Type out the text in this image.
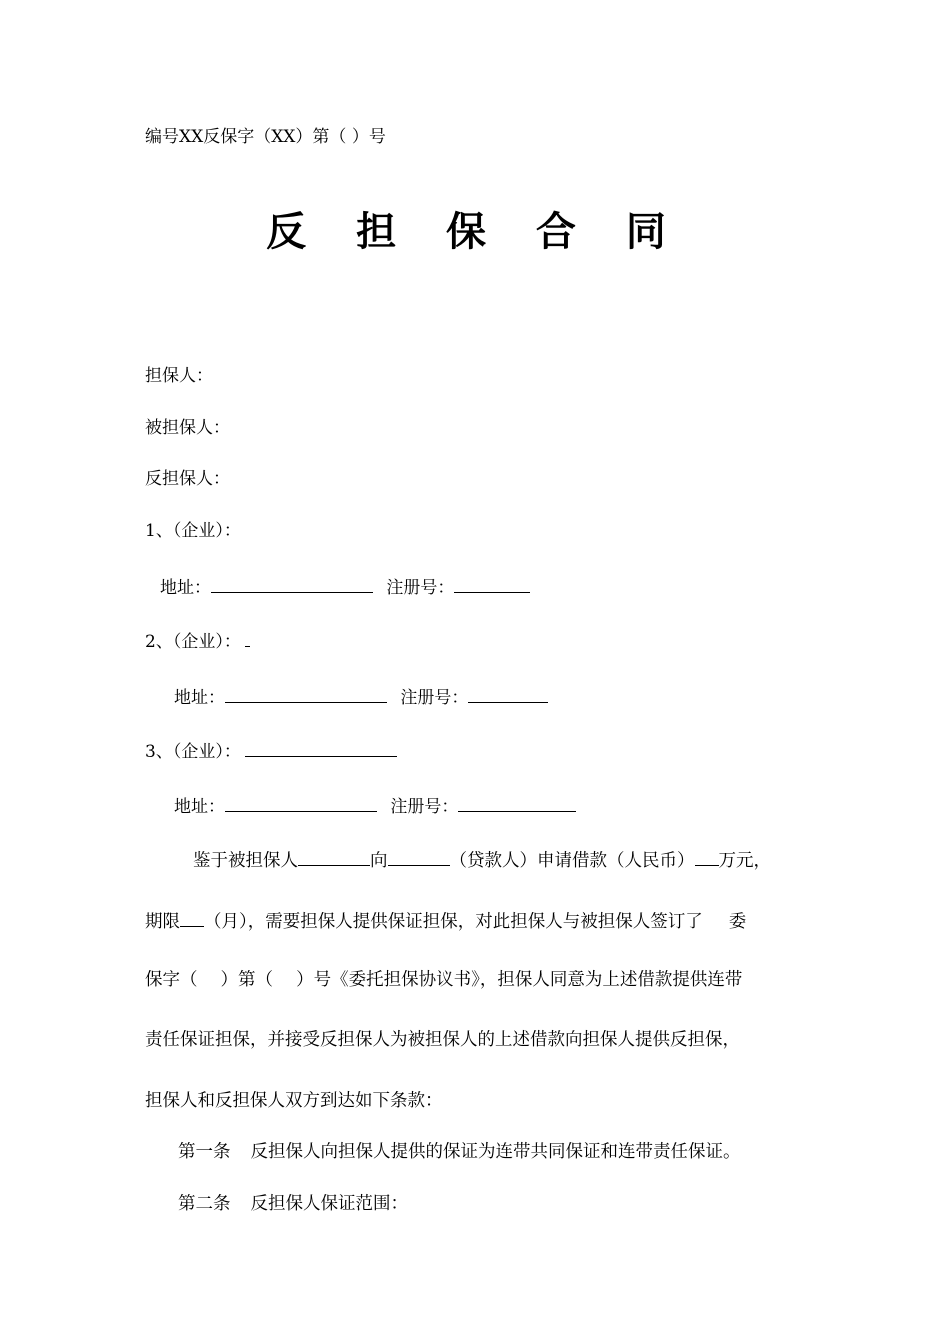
编号XX反保字（XX）第（ ）号
反 担 保 合 同
担保人：
被担保人：
反担保人：
1、（企业）：
地址：	注册号：
2、（企业）：
地址：	注册号：
3、（企业）：
地址：	注册号：
鉴于被担保人	向	（贷款人）申请借款（人民币） 万元，
期限 （月），需要担保人提供保证担保，对此担保人与被担保人签订了 委
保字（　 ）第（　 ）号《委托担保协议书》，担保人同意为上述借款提供连带
责任保证担保，并接受反担保人为被担保人的上述借款向担保人提供反担保，
担保人和反担保人双方到达如下条款：
第一条 反担保人向担保人提供的保证为连带共同保证和连带责任保证。
第二条 反担保人保证范围：
